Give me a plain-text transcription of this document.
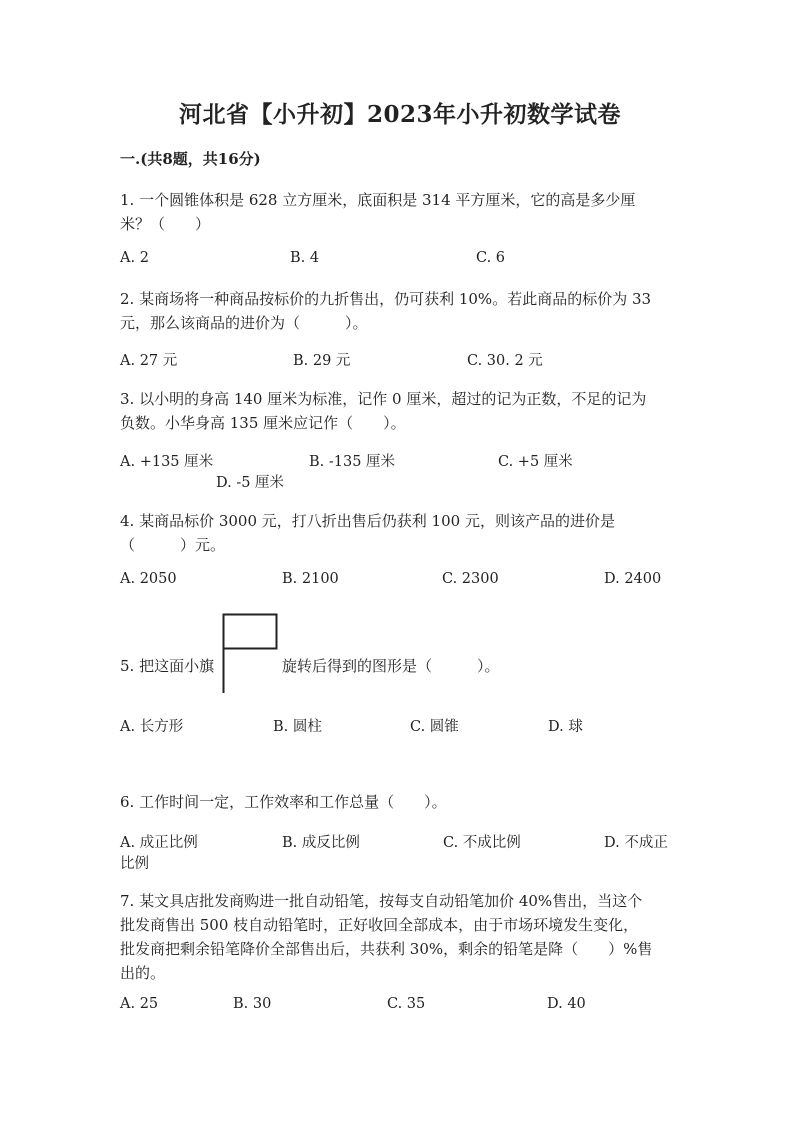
河北省【小升初】2023年小升初数学试卷
一.(共8题，共16分)
1. 一个圆锥体积是 628 立方厘米，底面积是 314 平方厘米，它的高是多少厘
米？（　　）
A. 2	B. 4	C. 6
2. 某商场将一种商品按标价的九折售出，仍可获利 10%。若此商品的标价为 33
元，那么该商品的进价为（　　　）。
A. 27 元	B. 29 元	C. 30. 2 元
3. 以小明的身高 140 厘米为标准，记作 0 厘米，超过的记为正数，不足的记为
负数。小华身高 135 厘米应记作（　　）。
A. +135 厘米	B. -135 厘米	C. +5 厘米
D. -5 厘米
4. 某商品标价 3000 元，打八折出售后仍获利 100 元，则该产品的进价是
（　　　）元。
A. 2050	B. 2100	C. 2300	D. 2400
5. 把这面小旗	旋转后得到的图形是（　　　）。
A. 长方形	B. 圆柱	C. 圆锥	D. 球
6. 工作时间一定，工作效率和工作总量（　　）。
A. 成正比例	B. 成反比例	C. 不成比例	D. 不成正
比例
7. 某文具店批发商购进一批自动铅笔，按每支自动铅笔加价 40%售出，当这个
批发商售出 500 枝自动铅笔时，正好收回全部成本，由于市场环境发生变化，
批发商把剩余铅笔降价全部售出后，共获利 30%，剩余的铅笔是降（　　）%售
出的。
A. 25	B. 30	C. 35	D. 40
